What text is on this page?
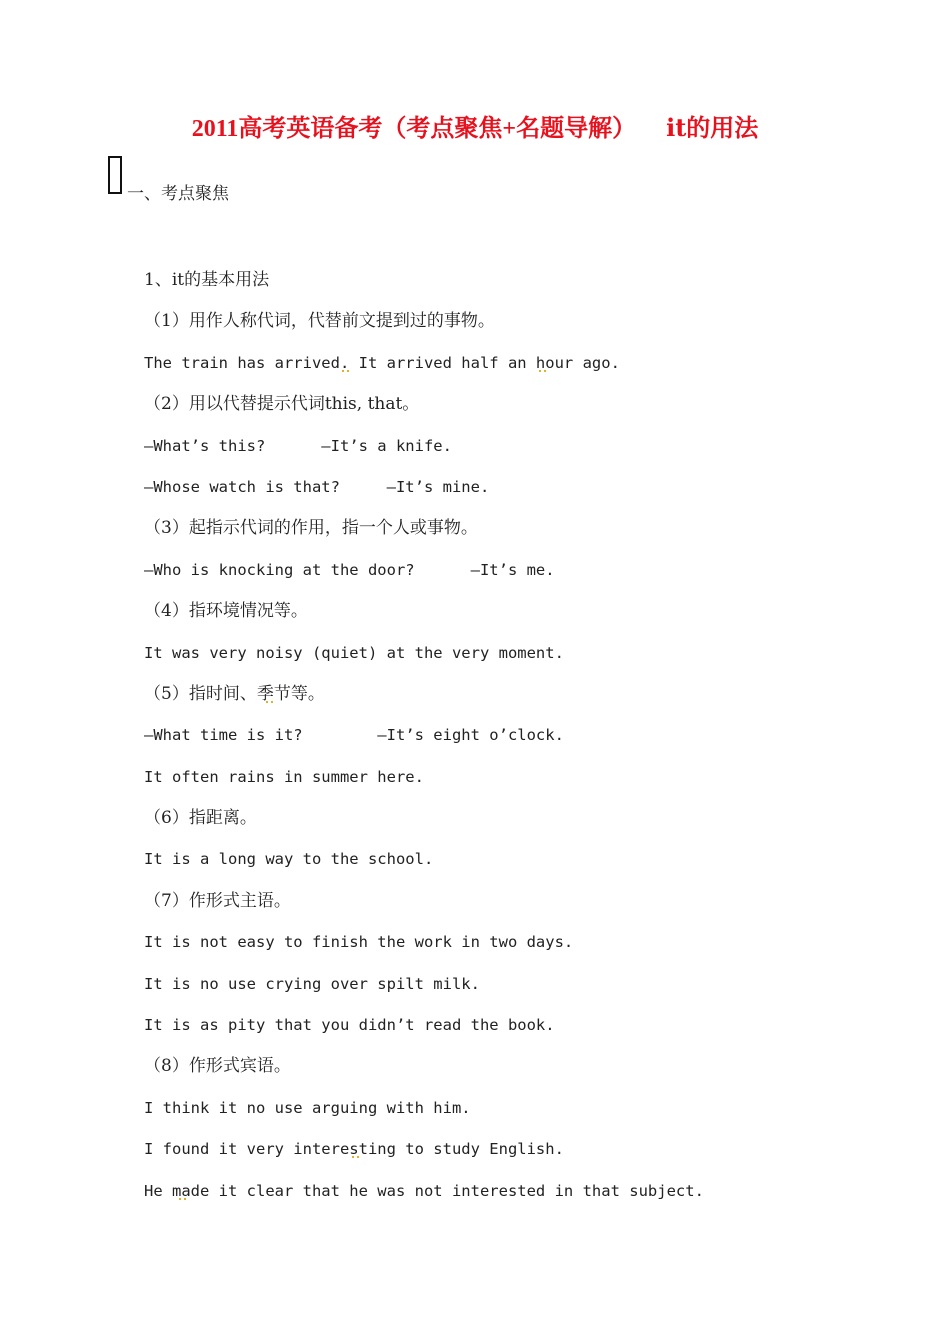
2011高考英语备考（考点聚焦+名题导解） it的用法
一、考点聚焦
1、it的基本用法
（1）用作人称代词，代替前文提到过的事物。
The train has arrived. It arrived half an hour ago.
（2）用以代替提示代词this, that。
—What’s this?      —It’s a knife.
—Whose watch is that?     —It’s mine.
（3）起指示代词的作用，指一个人或事物。
—Who is knocking at the door?      —It’s me.
（4）指环境情况等。
It was very noisy (quiet) at the very moment.
（5）指时间、季节等。
—What time is it?        —It’s eight o’clock.
It often rains in summer here.
（6）指距离。
It is a long way to the school.
（7）作形式主语。
It is not easy to finish the work in two days.
It is no use crying over spilt milk.
It is as pity that you didn’t read the book.
（8）作形式宾语。
I think it no use arguing with him.
I found it very interesting to study English.
He made it clear that he was not interested in that subject.
